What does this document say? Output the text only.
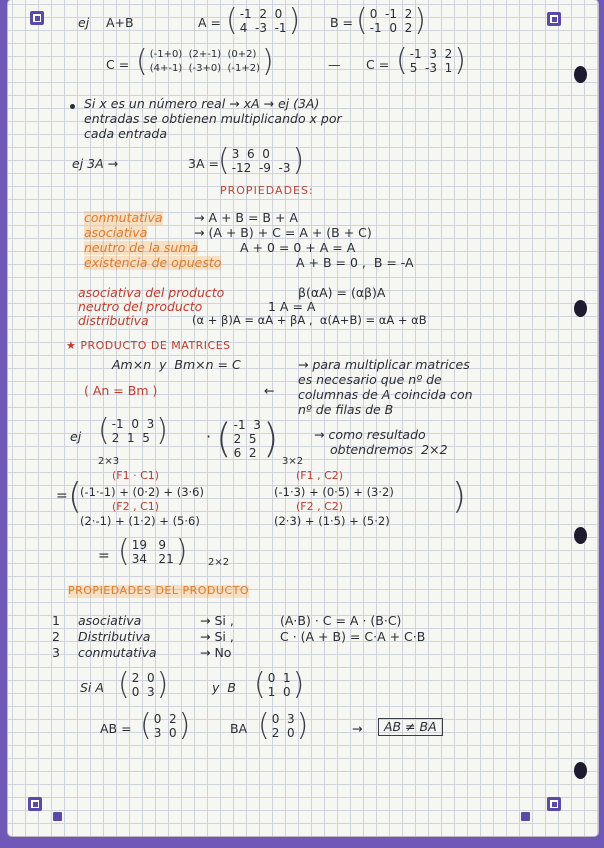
ej A+B	A = ( -1  2  0
4  -3  -1 ) B = ( 0  -1  2
-1  0  2 )
C = ( (-1+0)  (2+-1)  (0+2)
(4+-1)  (-3+0)  (-1+2) )	— C = ( -1  3  2
5  -3  1 )
Si x es un número real → xA → ej (3A)
entradas se obtienen multiplicando x por
cada entrada
ej 3A →	3A = ( 3  6  0
-12  -9  -3 )
PROPIEDADES:
conmutativa	→ A + B = B + A
asociativa	→ (A + B) + C = A + (B + C)
neutro de la suma	A + 0 = 0 + A = A
existencia de opuesto	A + B = 0 ,  B = -A
asociativa del producto	β(αA) = (αβ)A
neutro del producto	1 A = A
distributiva	(α + β)A = αA + βA ,  α(A+B) = αA + αB
★ PRODUCTO DE MATRICES
Am×n  y  Bm×n = C	→ para multiplicar matrices
es necesario que nº de
columnas de A coincida con
nº de filas de B
( An = Bm )	←
ej ( -1  0  3
2  1  5 ) · ( -1  3
2  5
6  2 )
2×3	3×2
→ como resultado
obtendremos  2×2
(F1 · C1)	(F1 , C2)
= (	)
(-1·-1) + (0·2) + (3·6)	(-1·3) + (0·5) + (3·2)
(F2 , C1)	(F2 , C2)
(2·-1) + (1·2) + (5·6)	(2·3) + (1·5) + (5·2)
= ( 19   9
34   21 ) 2×2
PROPIEDADES DEL PRODUCTO
1 asociativa	→ Si ,	(A·B) · C = A · (B·C)
2 Distributiva	→ Si ,	C · (A + B) = C·A + C·B
3 conmutativa	→ No
Si A ( 2  0
0  3 )	y  B ( 0  1
1  0 )
AB = ( 0  2
3  0 )	BA ( 0  3
2  0 )	→	AB ≠ BA
